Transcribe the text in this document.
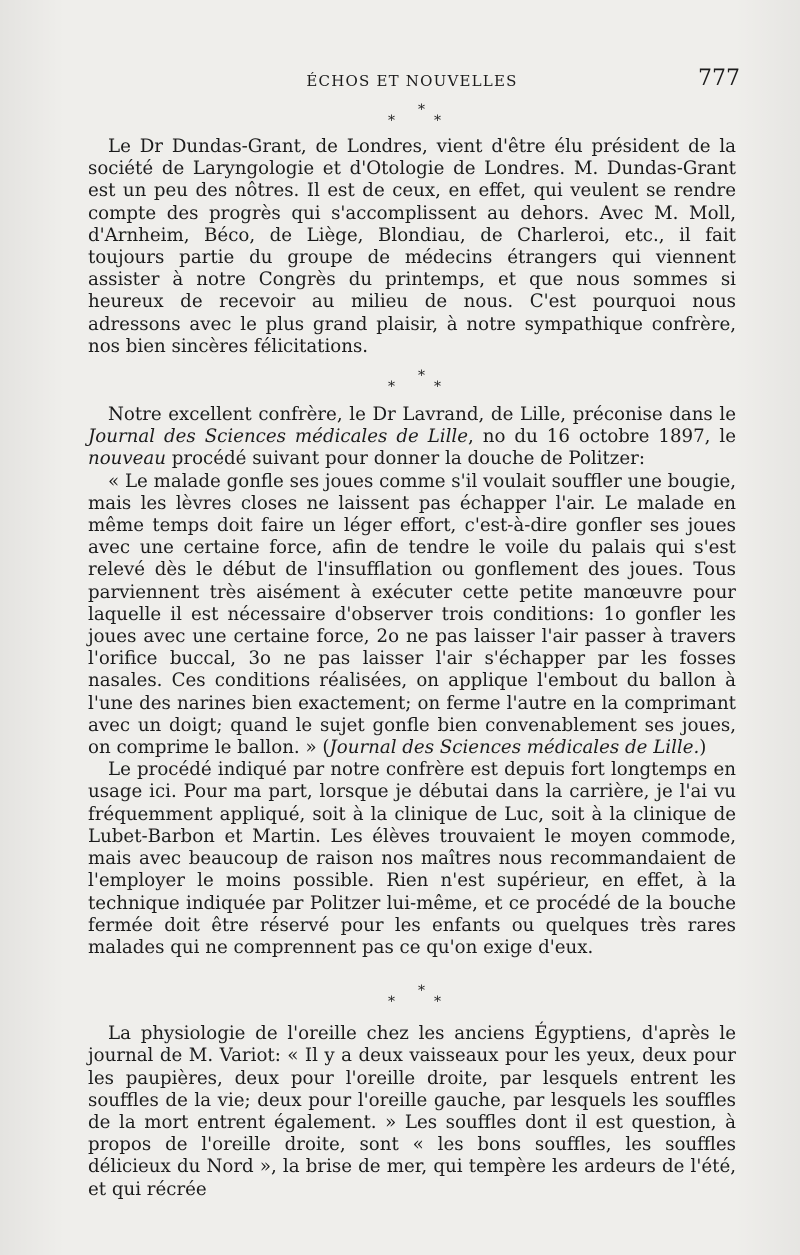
ÉCHOS ET NOUVELLES	777
*
*	*

Le Dr Dundas-Grant, de Londres, vient d'être élu président de la société de Laryngologie et d'Otologie de Londres. M. Dundas-Grant est un peu des nôtres. Il est de ceux, en effet, qui veulent se rendre compte des progrès qui s'accomplissent au dehors. Avec M. Moll, d'Arnheim, Béco, de Liège, Blondiau, de Charleroi, etc., il fait toujours partie du groupe de médecins étrangers qui viennent assister à notre Congrès du printemps, et que nous sommes si heureux de recevoir au milieu de nous. C'est pourquoi nous adressons avec le plus grand plaisir, à notre sympathique confrère, nos bien sincères félicitations.

*
*	*

Notre excellent confrère, le Dr Lavrand, de Lille, préconise dans le Journal des Sciences médicales de Lille, no du 16 octobre 1897, le nouveau procédé suivant pour donner la douche de Politzer:

« Le malade gonfle ses joues comme s'il voulait souffler une bougie, mais les lèvres closes ne laissent pas échapper l'air. Le malade en même temps doit faire un léger effort, c'est-à-dire gonfler ses joues avec une certaine force, afin de tendre le voile du palais qui s'est relevé dès le début de l'insufflation ou gonflement des joues. Tous parviennent très aisément à exécuter cette petite manœuvre pour laquelle il est nécessaire d'observer trois conditions: 1o gonfler les joues avec une certaine force, 2o ne pas laisser l'air passer à travers l'orifice buccal, 3o ne pas laisser l'air s'échapper par les fosses nasales. Ces conditions réalisées, on applique l'embout du ballon à l'une des narines bien exactement; on ferme l'autre en la comprimant avec un doigt; quand le sujet gonfle bien convenablement ses joues, on comprime le ballon. » (Journal des Sciences médicales de Lille.)

Le procédé indiqué par notre confrère est depuis fort longtemps en usage ici. Pour ma part, lorsque je débutai dans la carrière, je l'ai vu fréquemment appliqué, soit à la clinique de Luc, soit à la clinique de Lubet-Barbon et Martin. Les élèves trouvaient le moyen commode, mais avec beaucoup de raison nos maîtres nous recommandaient de l'employer le moins possible. Rien n'est supérieur, en effet, à la technique indiquée par Politzer lui-même, et ce procédé de la bouche fermée doit être réservé pour les enfants ou quelques très rares malades qui ne comprennent pas ce qu'on exige d'eux.

*
*	*

La physiologie de l'oreille chez les anciens Égyptiens, d'après le journal de M. Variot: « Il y a deux vaisseaux pour les yeux, deux pour les paupières, deux pour l'oreille droite, par lesquels entrent les souffles de la vie; deux pour l'oreille gauche, par lesquels les souffles de la mort entrent également. » Les souffles dont il est question, à propos de l'oreille droite, sont « les bons souffles, les souffles délicieux du Nord », la brise de mer, qui tempère les ardeurs de l'été, et qui récrée
